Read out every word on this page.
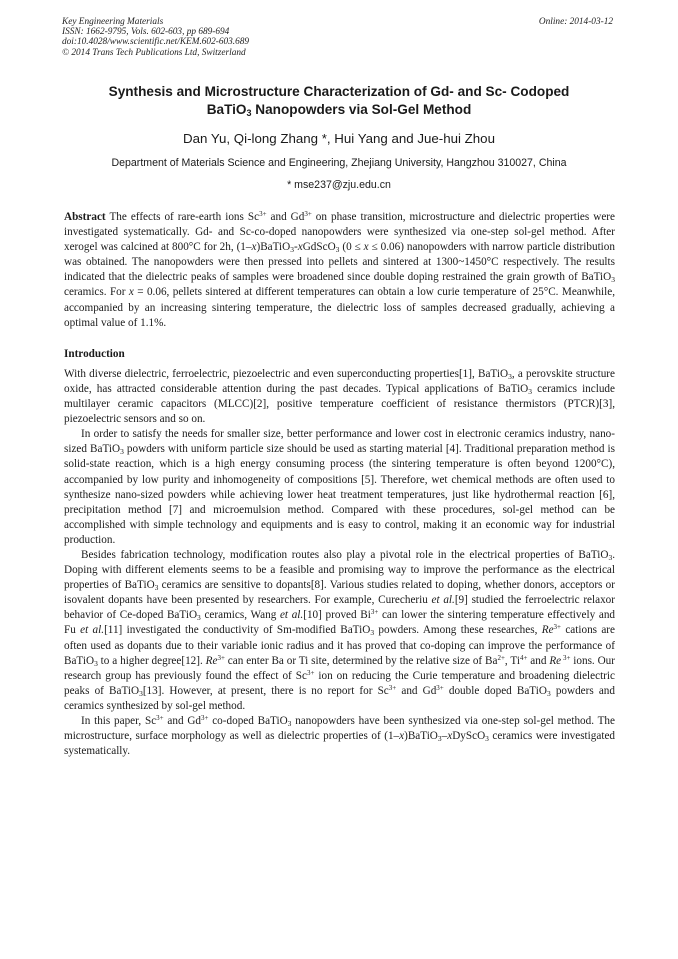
Key Engineering Materials
ISSN: 1662-9795, Vols. 602-603, pp 689-694
doi:10.4028/www.scientific.net/KEM.602-603.689
© 2014 Trans Tech Publications Ltd, Switzerland
Online: 2014-03-12
Synthesis and Microstructure Characterization of Gd- and Sc- Codoped
BaTiO$_3$ Nanopowders via Sol-Gel Method
Dan Yu, Qi-long Zhang *, Hui Yang and Jue-hui Zhou
Department of Materials Science and Engineering, Zhejiang University, Hangzhou 310027, China
* mse237@zju.edu.cn

Abstract The effects of rare-earth ions $Sc^{3+}$ and $Gd^{3+}$ on phase transition, microstructure and dielectric properties were investigated systematically. Gd- and Sc-co-doped nanopowders were synthesized via one-step sol-gel method. After xerogel was calcined at 800°C for 2h, (1–x)BaTiO$_3$-xGdScO$_3$ (0 ≤ x ≤ 0.06) nanopowders with narrow particle distribution was obtained. The nanopowders were then pressed into pellets and sintered at 1300~1450°C respectively. The results indicated that the dielectric peaks of samples were broadened since double doping restrained the grain growth of BaTiO$_3$ ceramics. For x = 0.06, pellets sintered at different temperatures can obtain a low curie temperature of 25°C. Meanwhile, accompanied by an increasing sintering temperature, the dielectric loss of samples decreased gradually, achieving a optimal value of 1.1%.

Introduction

With diverse dielectric, ferroelectric, piezoelectric and even superconducting properties[1], BaTiO$_3$, a perovskite structure oxide, has attracted considerable attention during the past decades. Typical applications of BaTiO$_3$ ceramics include multilayer ceramic capacitors (MLCC)[2], positive temperature coefficient of resistance thermistors (PTCR)[3], piezoelectric sensors and so on.

In order to satisfy the needs for smaller size, better performance and lower cost in electronic ceramics industry, nano-sized BaTiO$_3$ powders with uniform particle size should be used as starting material [4]. Traditional preparation method is solid-state reaction, which is a high energy consuming process (the sintering temperature is often beyond 1200°C), accompanied by low purity and inhomogeneity of compositions [5]. Therefore, wet chemical methods are often used to synthesize nano-sized powders while achieving lower heat treatment temperatures, just like hydrothermal reaction [6], precipitation method [7] and microemulsion method. Compared with these procedures, sol-gel method can be accomplished with simple technology and equipments and is easy to control, making it an economic way for industrial production.

Besides fabrication technology, modification routes also play a pivotal role in the electrical properties of BaTiO$_3$. Doping with different elements seems to be a feasible and promising way to improve the performance as the electrical properties of BaTiO$_3$ ceramics are sensitive to dopants[8]. Various studies related to doping, whether donors, acceptors or isovalent dopants have been presented by researchers. For example, Curecheriu et al.[9] studied the ferroelectric relaxor behavior of Ce-doped BaTiO$_3$ ceramics, Wang et al.[10] proved $Bi^{3+}$ can lower the sintering temperature effectively and Fu et al.[11] investigated the conductivity of Sm-modified BaTiO$_3$ powders. Among these researches, $Re^{3+}$ cations are often used as dopants due to their variable ionic radius and it has proved that co-doping can improve the performance of BaTiO$_3$ to a higher degree[12]. $Re^{3+}$ can enter Ba or Ti site, determined by the relative size of $Ba^{2+}$, $Ti^{4+}$ and Re $^{3+}$ ions. Our research group has previously found the effect of $Sc^{3+}$ ion on reducing the Curie temperature and broadening dielectric peaks of BaTiO$_3$[13]. However, at present, there is no report for $Sc^{3+}$ and $Gd^{3+}$ double doped BaTiO$_3$ powders and ceramics synthesized by sol-gel method.

In this paper, $Sc^{3+}$ and $Gd^{3+}$ co-doped BaTiO$_3$ nanopowders have been synthesized via one-step sol-gel method. The microstructure, surface morphology as well as dielectric properties of (1–x)BaTiO$_3$–xDyScO$_3$ ceramics were investigated systematically.
